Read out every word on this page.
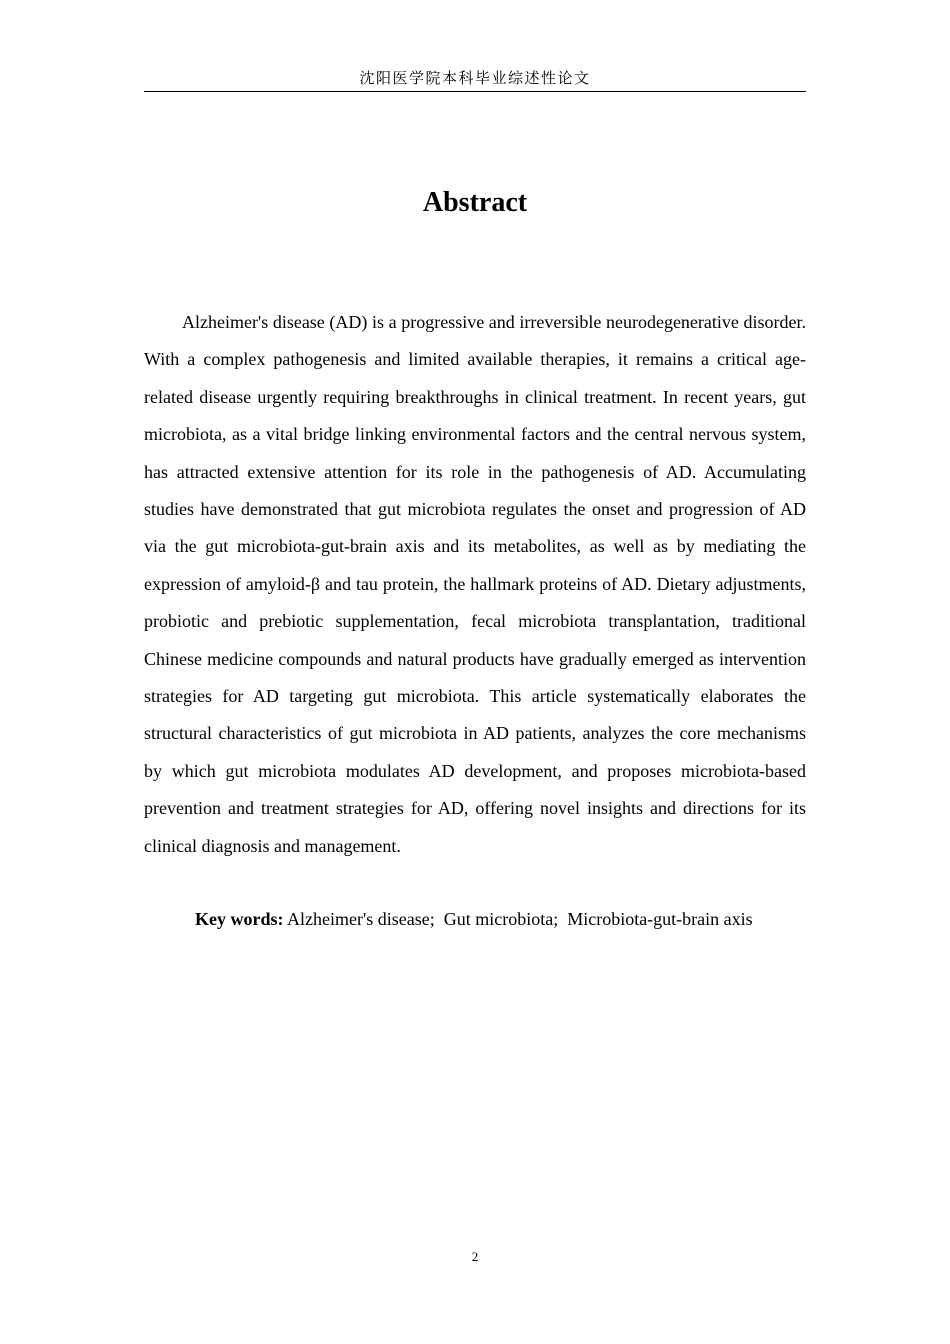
沈阳医学院本科毕业综述性论文
Abstract

Alzheimer's disease (AD) is a progressive and irreversible neurodegenerative disorder. With a complex pathogenesis and limited available therapies, it remains a critical age-related disease urgently requiring breakthroughs in clinical treatment. In recent years, gut microbiota, as a vital bridge linking environmental factors and the central nervous system, has attracted extensive attention for its role in the pathogenesis of AD. Accumulating studies have demonstrated that gut microbiota regulates the onset and progression of AD via the gut microbiota-gut-brain axis and its metabolites, as well as by mediating the expression of amyloid-β and tau protein, the hallmark proteins of AD. Dietary adjustments, probiotic and prebiotic supplementation, fecal microbiota transplantation, traditional Chinese medicine compounds and natural products have gradually emerged as intervention strategies for AD targeting gut microbiota. This article systematically elaborates the structural characteristics of gut microbiota in AD patients, analyzes the core mechanisms by which gut microbiota modulates AD development, and proposes microbiota-based prevention and treatment strategies for AD, offering novel insights and directions for its clinical diagnosis and management.

Key words: Alzheimer's disease; Gut microbiota; Microbiota-gut-brain axis

2
